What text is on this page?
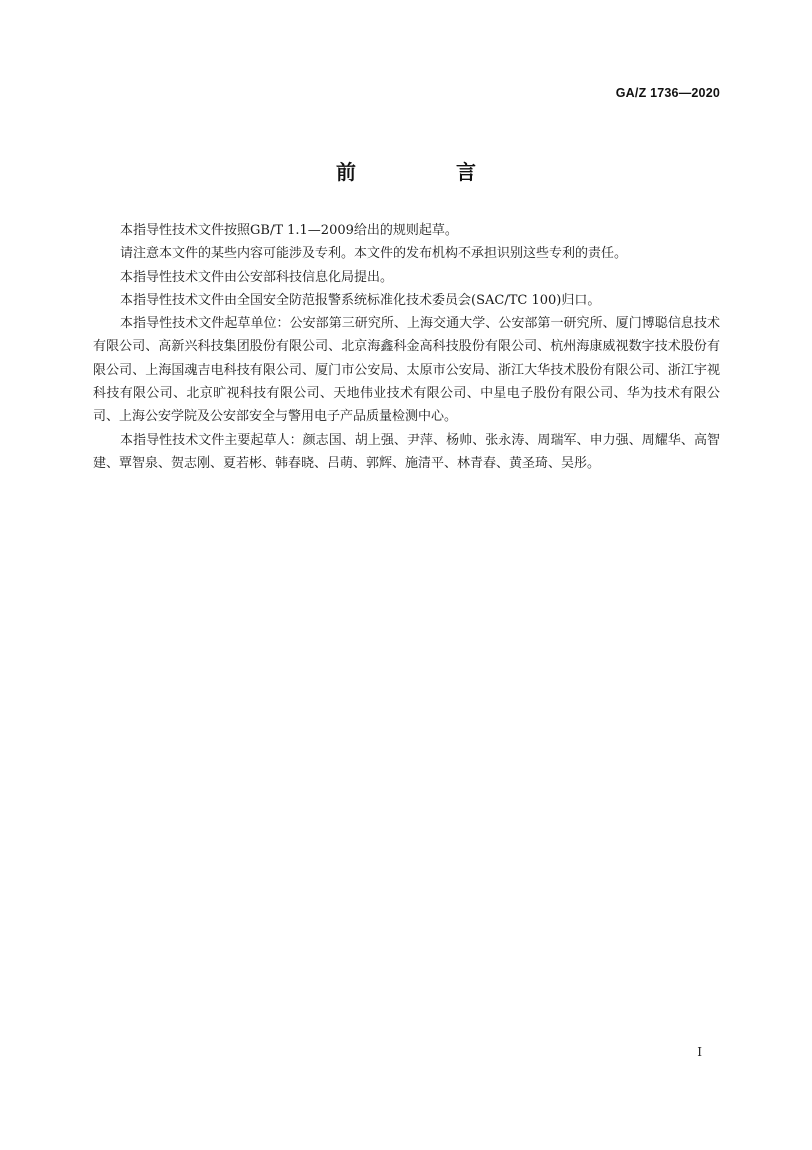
GA/Z 1736—2020
前　言

本指导性技术文件按照GB/T 1.1—2009给出的规则起草。

请注意本文件的某些内容可能涉及专利。本文件的发布机构不承担识别这些专利的责任。

本指导性技术文件由公安部科技信息化局提出。

本指导性技术文件由全国安全防范报警系统标准化技术委员会(SAC/TC 100)归口。

本指导性技术文件起草单位：公安部第三研究所、上海交通大学、公安部第一研究所、厦门博聪信息技术有限公司、高新兴科技集团股份有限公司、北京海鑫科金高科技股份有限公司、杭州海康威视数字技术股份有限公司、上海国魂吉电科技有限公司、厦门市公安局、太原市公安局、浙江大华技术股份有限公司、浙江宇视科技有限公司、北京旷视科技有限公司、天地伟业技术有限公司、中星电子股份有限公司、华为技术有限公司、上海公安学院及公安部安全与警用电子产品质量检测中心。

本指导性技术文件主要起草人：颜志国、胡上强、尹萍、杨帅、张永涛、周瑞军、申力强、周耀华、高智建、覃智泉、贺志刚、夏若彬、韩春晓、吕萌、郭辉、施清平、林青春、黄圣琦、吴彤。

I
